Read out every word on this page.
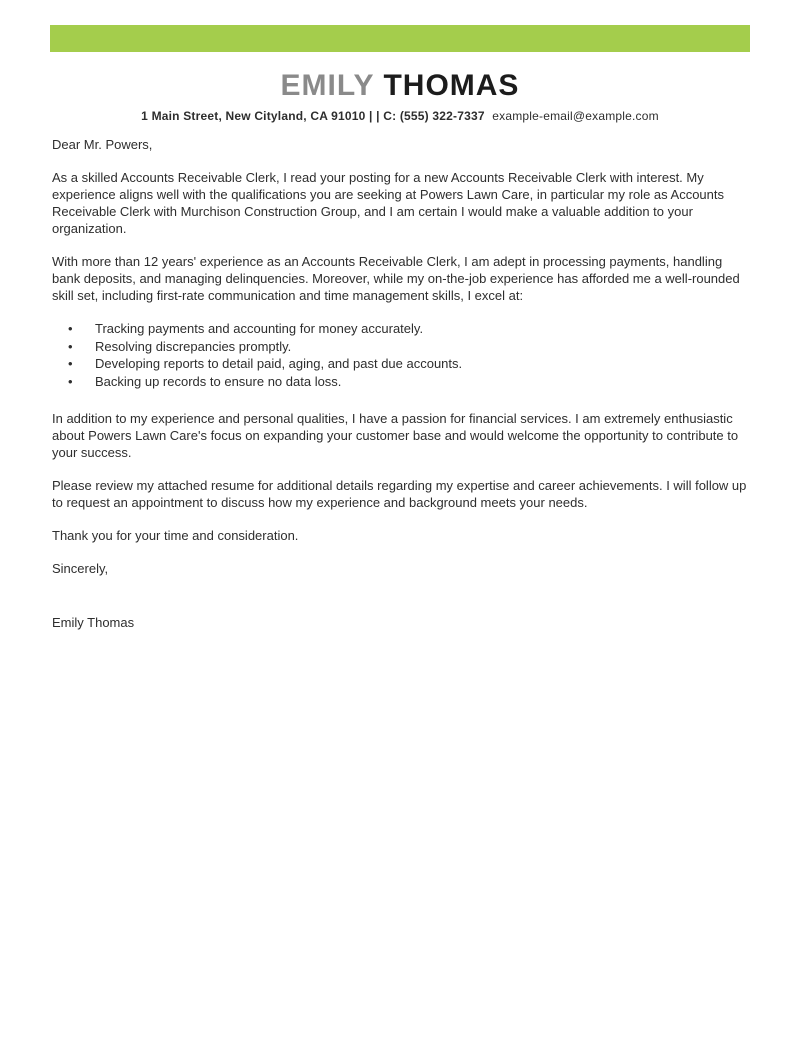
EMILY THOMAS
1 Main Street, New Cityland, CA 91010 | | C: (555) 322-7337 example-email@example.com

Dear Mr. Powers,

As a skilled Accounts Receivable Clerk, I read your posting for a new Accounts Receivable Clerk with interest. My experience aligns well with the qualifications you are seeking at Powers Lawn Care, in particular my role as Accounts Receivable Clerk with Murchison Construction Group, and I am certain I would make a valuable addition to your organization.

With more than 12 years' experience as an Accounts Receivable Clerk, I am adept in processing payments, handling bank deposits, and managing delinquencies. Moreover, while my on-the-job experience has afforded me a well-rounded skill set, including first-rate communication and time management skills, I excel at:

• Tracking payments and accounting for money accurately.
• Resolving discrepancies promptly.
• Developing reports to detail paid, aging, and past due accounts.
• Backing up records to ensure no data loss.

In addition to my experience and personal qualities, I have a passion for financial services. I am extremely enthusiastic about Powers Lawn Care's focus on expanding your customer base and would welcome the opportunity to contribute to your success.

Please review my attached resume for additional details regarding my expertise and career achievements. I will follow up to request an appointment to discuss how my experience and background meets your needs.

Thank you for your time and consideration.

Sincerely,

Emily Thomas
